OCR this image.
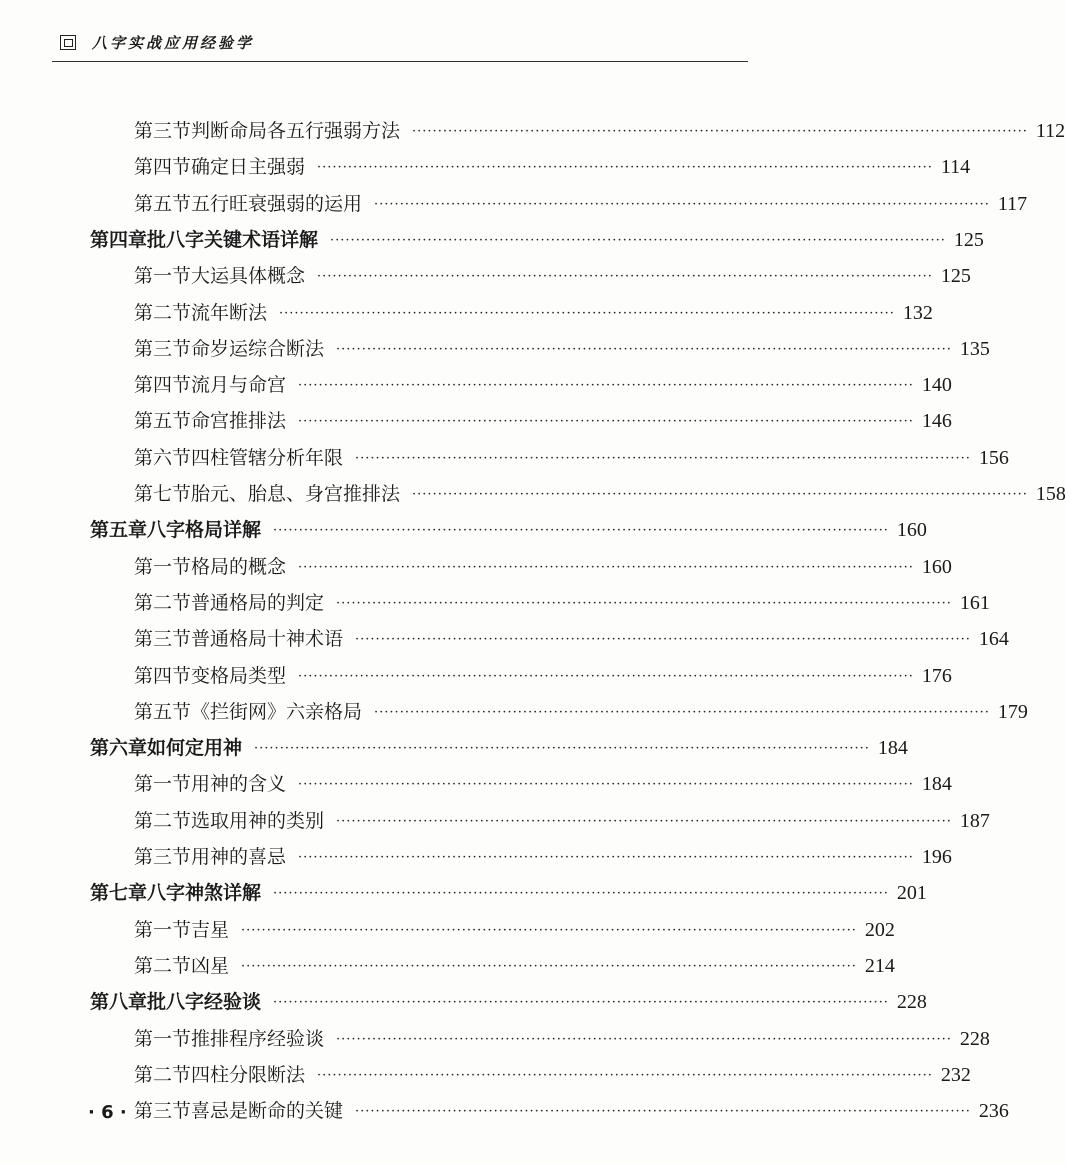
八字实战应用经验学
第三节 判断命局各五行强弱方法 ························································································································ 112
第四节 确定日主强弱 ························································································································ 114
第五节 五行旺衰强弱的运用 ························································································································ 117
第四章 批八字关键术语详解 ························································································································ 125
第一节 大运具体概念 ························································································································ 125
第二节 流年断法 ························································································································ 132
第三节 命岁运综合断法 ························································································································ 135
第四节 流月与命宫 ························································································································ 140
第五节 命宫推排法 ························································································································ 146
第六节 四柱管辖分析年限 ························································································································ 156
第七节 胎元、胎息、身宫推排法 ························································································································ 158
第五章 八字格局详解 ························································································································ 160
第一节 格局的概念 ························································································································ 160
第二节 普通格局的判定 ························································································································ 161
第三节 普通格局十神术语 ························································································································ 164
第四节 变格局类型 ························································································································ 176
第五节 《拦街网》六亲格局 ························································································································ 179
第六章 如何定用神 ························································································································ 184
第一节 用神的含义 ························································································································ 184
第二节 选取用神的类别 ························································································································ 187
第三节 用神的喜忌 ························································································································ 196
第七章 八字神煞详解 ························································································································ 201
第一节 吉星 ························································································································ 202
第二节 凶星 ························································································································ 214
第八章 批八字经验谈 ························································································································ 228
第一节 推排程序经验谈 ························································································································ 228
第二节 四柱分限断法 ························································································································ 232
第三节 喜忌是断命的关键 ························································································································ 236
· 6 ·
